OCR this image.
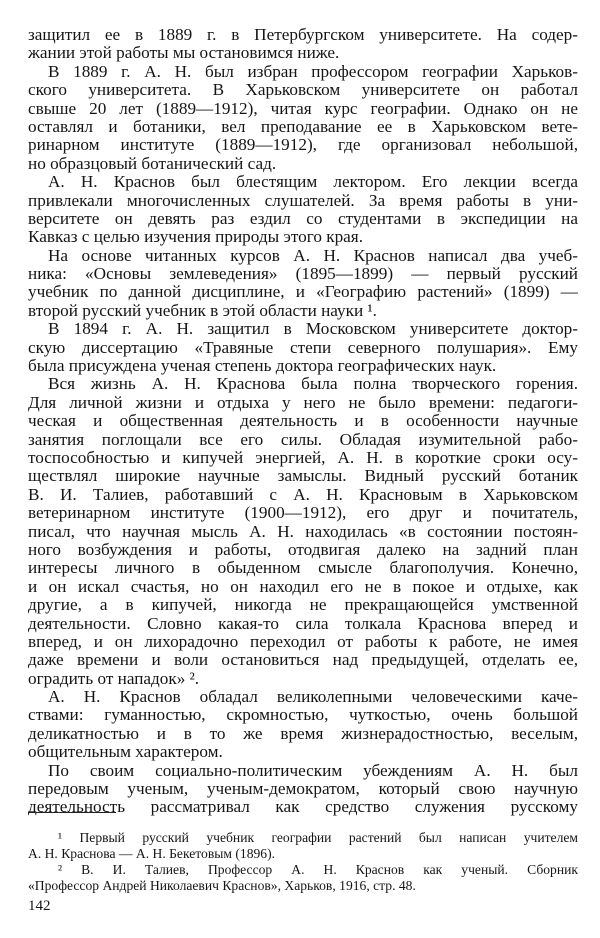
защитил ее в 1889 г. в Петербургском университете. На содер-
жании этой работы мы остановимся ниже.
В 1889 г. А. Н. был избран профессором географии Харьков-
ского университета. В Харьковском университете он работал
свыше 20 лет (1889—1912), читая курс географии. Однако он не
оставлял и ботаники, вел преподавание ее в Харьковском вете-
ринарном институте (1889—1912), где организовал небольшой,
но образцовый ботанический сад.
А. Н. Краснов был блестящим лектором. Его лекции всегда
привлекали многочисленных слушателей. За время работы в уни-
верситете он девять раз ездил со студентами в экспедиции на
Кавказ с целью изучения природы этого края.
На основе читанных курсов А. Н. Краснов написал два учеб-
ника: «Основы землеведения» (1895—1899) — первый русский
учебник по данной дисциплине, и «Географию растений» (1899) —
второй русский учебник в этой области науки ¹.
В 1894 г. А. Н. защитил в Московском университете доктор-
скую диссертацию «Травяные степи северного полушария». Ему
была присуждена ученая степень доктора географических наук.
Вся жизнь А. Н. Краснова была полна творческого горения.
Для личной жизни и отдыха у него не было времени: педагоги-
ческая и общественная деятельность и в особенности научные
занятия поглощали все его силы. Обладая изумительной рабо-
тоспособностью и кипучей энергией, А. Н. в короткие сроки осу-
ществлял широкие научные замыслы. Видный русский ботаник
В. И. Талиев, работавший с А. Н. Красновым в Харьковском
ветеринарном институте (1900—1912), его друг и почитатель,
писал, что научная мысль А. Н. находилась «в состоянии постоян-
ного возбуждения и работы, отодвигая далеко на задний план
интересы личного в обыденном смысле благополучия. Конечно,
и он искал счастья, но он находил его не в покое и отдыхе, как
другие, а в кипучей, никогда не прекращающейся умственной
деятельности. Словно какая-то сила толкала Краснова вперед и
вперед, и он лихорадочно переходил от работы к работе, не имея
даже времени и воли остановиться над предыдущей, отделать ее,
оградить от нападок» ².
А. Н. Краснов обладал великолепными человеческими каче-
ствами: гуманностью, скромностью, чуткостью, очень большой
деликатностью и в то же время жизнерадостностью, веселым,
общительным характером.
По своим социально-политическим убеждениям А. Н. был
передовым ученым, ученым-демократом, который свою научную
деятельность рассматривал как средство служения русскому
¹ Первый русский учебник географии растений был написан учителем
А. Н. Краснова — А. Н. Бекетовым (1896).
² В. И. Талиев, Профессор А. Н. Краснов как ученый. Сборник
«Профессор Андрей Николаевич Краснов», Харьков, 1916, стр. 48.
142
